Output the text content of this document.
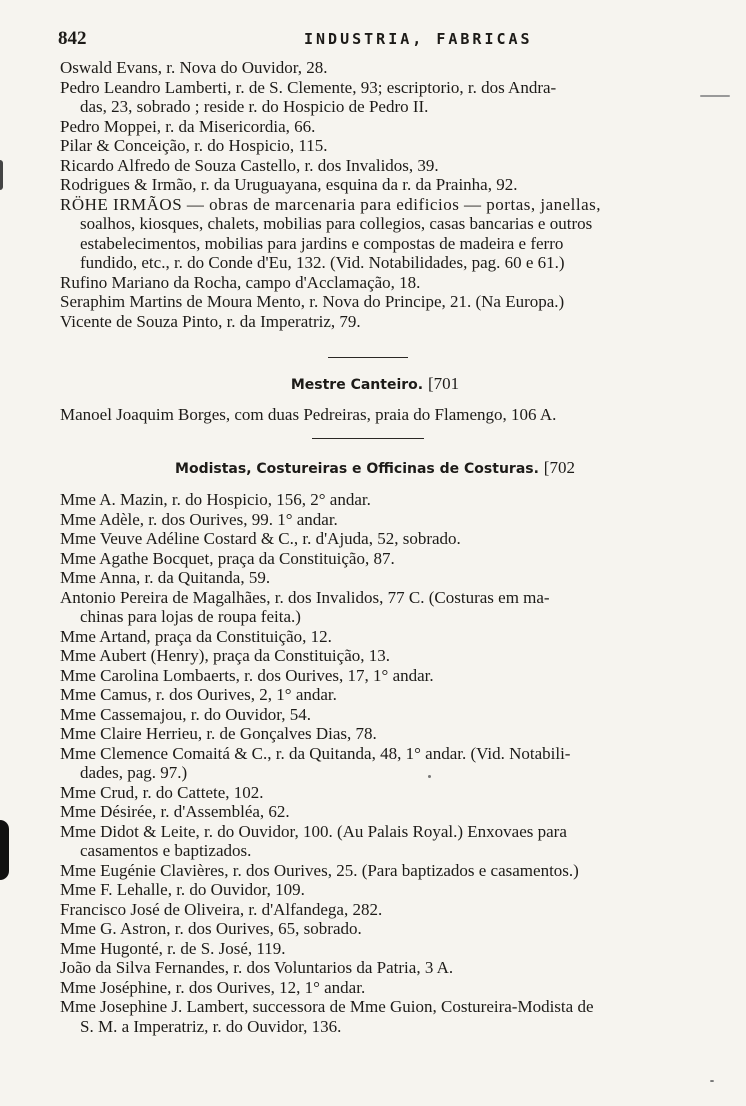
842	INDUSTRIA, FABRICAS
Oswald Evans, r. Nova do Ouvidor, 28.
Pedro Leandro Lamberti, r. de S. Clemente, 93; escriptorio, r. dos Andra-
das, 23, sobrado ; reside r. do Hospicio de Pedro II.
Pedro Moppei, r. da Misericordia, 66.
Pilar & Conceição, r. do Hospicio, 115.
Ricardo Alfredo de Souza Castello, r. dos Invalidos, 39.
Rodrigues & Irmão, r. da Uruguayana, esquina da r. da Prainha, 92.
RÖHE IRMÃOS — obras de marcenaria para edificios — portas, janellas,
soalhos, kiosques, chalets, mobilias para collegios, casas bancarias e outros
estabelecimentos, mobilias para jardins e compostas de madeira e ferro
fundido, etc., r. do Conde d'Eu, 132. (Vid. Notabilidades, pag. 60 e 61.)
Rufino Mariano da Rocha, campo d'Acclamação, 18.
Seraphim Martins de Moura Mento, r. Nova do Principe, 21. (Na Europa.)
Vicente de Souza Pinto, r. da Imperatriz, 79.
Mestre Canteiro. [701
Manoel Joaquim Borges, com duas Pedreiras, praia do Flamengo, 106 A.
Modistas, Costureiras e Officinas de Costuras. [702
Mme A. Mazin, r. do Hospicio, 156, 2° andar.
Mme Adèle, r. dos Ourives, 99. 1° andar.
Mme Veuve Adéline Costard & C., r. d'Ajuda, 52, sobrado.
Mme Agathe Bocquet, praça da Constituição, 87.
Mme Anna, r. da Quitanda, 59.
Antonio Pereira de Magalhães, r. dos Invalidos, 77 C. (Costuras em ma-
chinas para lojas de roupa feita.)
Mme Artand, praça da Constituição, 12.
Mme Aubert (Henry), praça da Constituição, 13.
Mme Carolina Lombaerts, r. dos Ourives, 17, 1° andar.
Mme Camus, r. dos Ourives, 2, 1° andar.
Mme Cassemajou, r. do Ouvidor, 54.
Mme Claire Herrieu, r. de Gonçalves Dias, 78.
Mme Clemence Comaitá & C., r. da Quitanda, 48, 1° andar. (Vid. Notabili-
dades, pag. 97.)
Mme Crud, r. do Cattete, 102.
Mme Désirée, r. d'Assembléa, 62.
Mme Didot & Leite, r. do Ouvidor, 100. (Au Palais Royal.) Enxovaes para
casamentos e baptizados.
Mme Eugénie Clavières, r. dos Ourives, 25. (Para baptizados e casamentos.)
Mme F. Lehalle, r. do Ouvidor, 109.
Francisco José de Oliveira, r. d'Alfandega, 282.
Mme G. Astron, r. dos Ourives, 65, sobrado.
Mme Hugonté, r. de S. José, 119.
João da Silva Fernandes, r. dos Voluntarios da Patria, 3 A.
Mme Joséphine, r. dos Ourives, 12, 1° andar.
Mme Josephine J. Lambert, successora de Mme Guion, Costureira-Modista de
S. M. a Imperatriz, r. do Ouvidor, 136.
